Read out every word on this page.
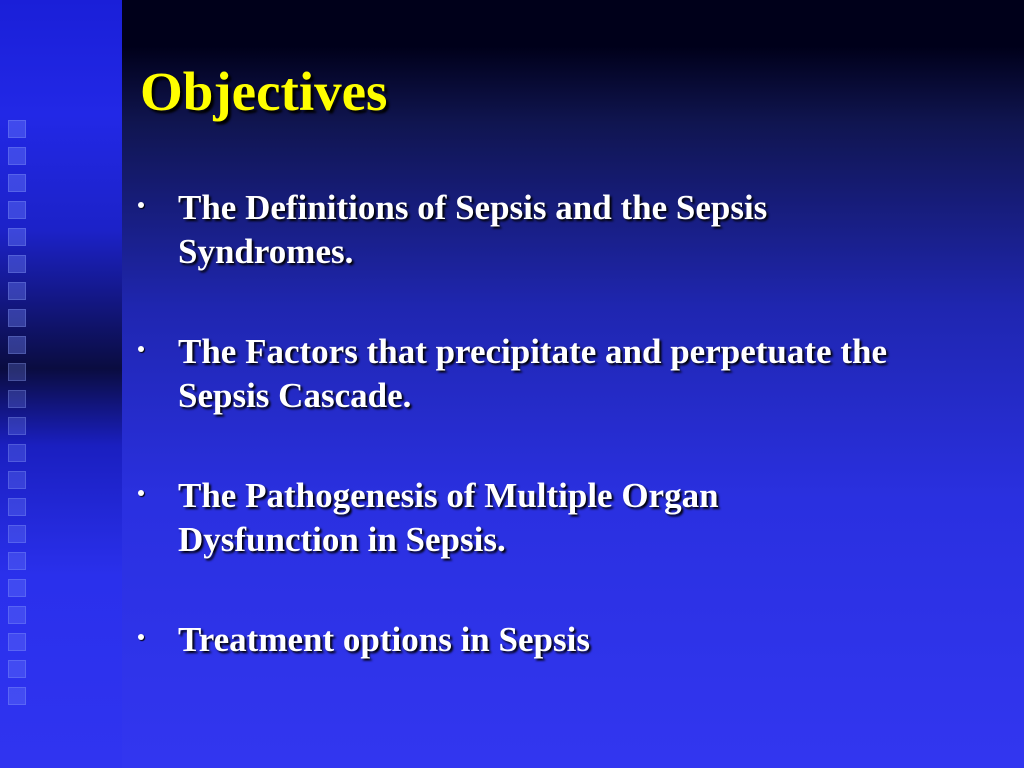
Objectives
The Definitions of Sepsis and the Sepsis
Syndromes.
The Factors that precipitate and perpetuate the
Sepsis Cascade.
The Pathogenesis of Multiple Organ
Dysfunction in Sepsis.
Treatment options in Sepsis
